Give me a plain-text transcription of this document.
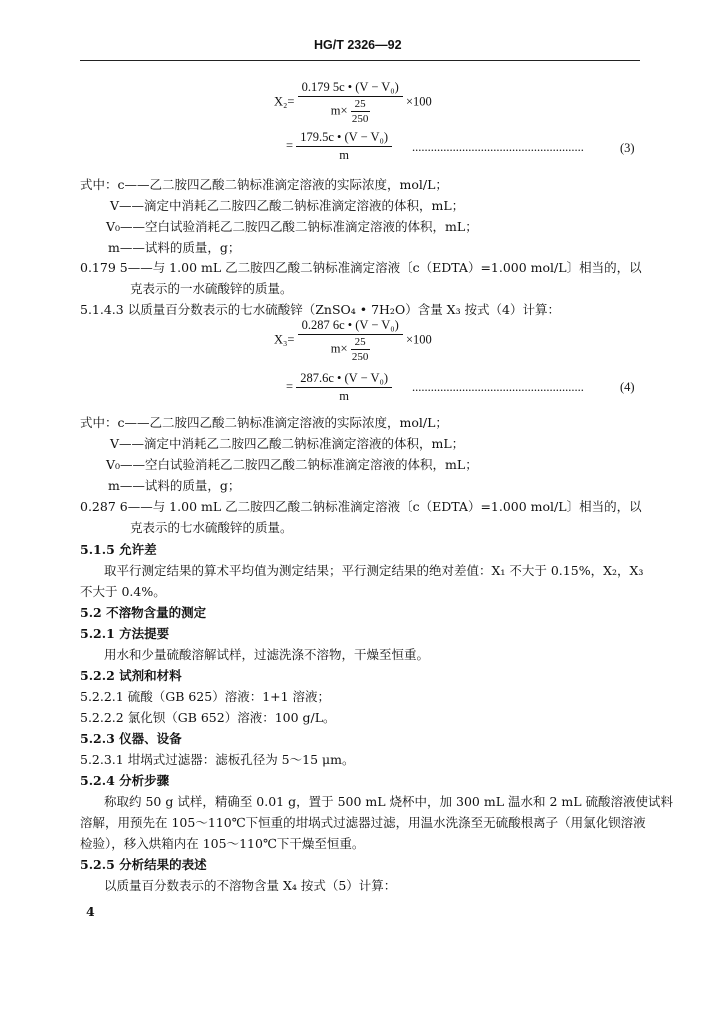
HG/T 2326—92
$X_2= \frac{\text{0.179 5c • (V − V₀)}}{m\times \frac{25}{250}} \times 100$
= $\frac{\text{179.5c • (V − V₀)}}{m}$ .......................................................	(3)
式中：c——乙二胺四乙酸二钠标准滴定溶液的实际浓度，mol/L；
V——滴定中消耗乙二胺四乙酸二钠标准滴定溶液的体积，mL；
V₀——空白试验消耗乙二胺四乙酸二钠标准滴定溶液的体积，mL；
m——试料的质量，g；
0.179 5——与 1.00 mL 乙二胺四乙酸二钠标准滴定溶液〔c（EDTA）=1.000 mol/L〕相当的，以
克表示的一水硫酸锌的质量。
5.1.4.3 以质量百分数表示的七水硫酸锌（ZnSO₄ • 7H₂O）含量 X₃ 按式（4）计算：
$X_3= \frac{\text{0.287 6c • (V − V₀)}}{m\times \frac{25}{250}} \times 100$
= $\frac{\text{287.6c • (V − V₀)}}{m}$ .......................................................	(4)
式中：c——乙二胺四乙酸二钠标准滴定溶液的实际浓度，mol/L；
V——滴定中消耗乙二胺四乙酸二钠标准滴定溶液的体积，mL；
V₀——空白试验消耗乙二胺四乙酸二钠标准滴定溶液的体积，mL；
m——试料的质量，g；
0.287 6——与 1.00 mL 乙二胺四乙酸二钠标准滴定溶液〔c（EDTA）=1.000 mol/L〕相当的，以
克表示的七水硫酸锌的质量。
5.1.5 允许差
取平行测定结果的算术平均值为测定结果；平行测定结果的绝对差值：X₁ 不大于 0.15%，X₂，X₃
不大于 0.4%。
5.2 不溶物含量的测定
5.2.1 方法提要
用水和少量硫酸溶解试样，过滤洗涤不溶物，干燥至恒重。
5.2.2 试剂和材料
5.2.2.1 硫酸（GB 625）溶液：1+1 溶液；
5.2.2.2 氯化钡（GB 652）溶液：100 g/L。
5.2.3 仪器、设备
5.2.3.1 坩埚式过滤器：滤板孔径为 5～15 μm。
5.2.4 分析步骤
称取约 50 g 试样，精确至 0.01 g，置于 500 mL 烧杯中，加 300 mL 温水和 2 mL 硫酸溶液使试料
溶解，用预先在 105～110℃下恒重的坩埚式过滤器过滤，用温水洗涤至无硫酸根离子（用氯化钡溶液
检验），移入烘箱内在 105～110℃下干燥至恒重。
5.2.5 分析结果的表述
以质量百分数表示的不溶物含量 X₄ 按式（5）计算：
4
